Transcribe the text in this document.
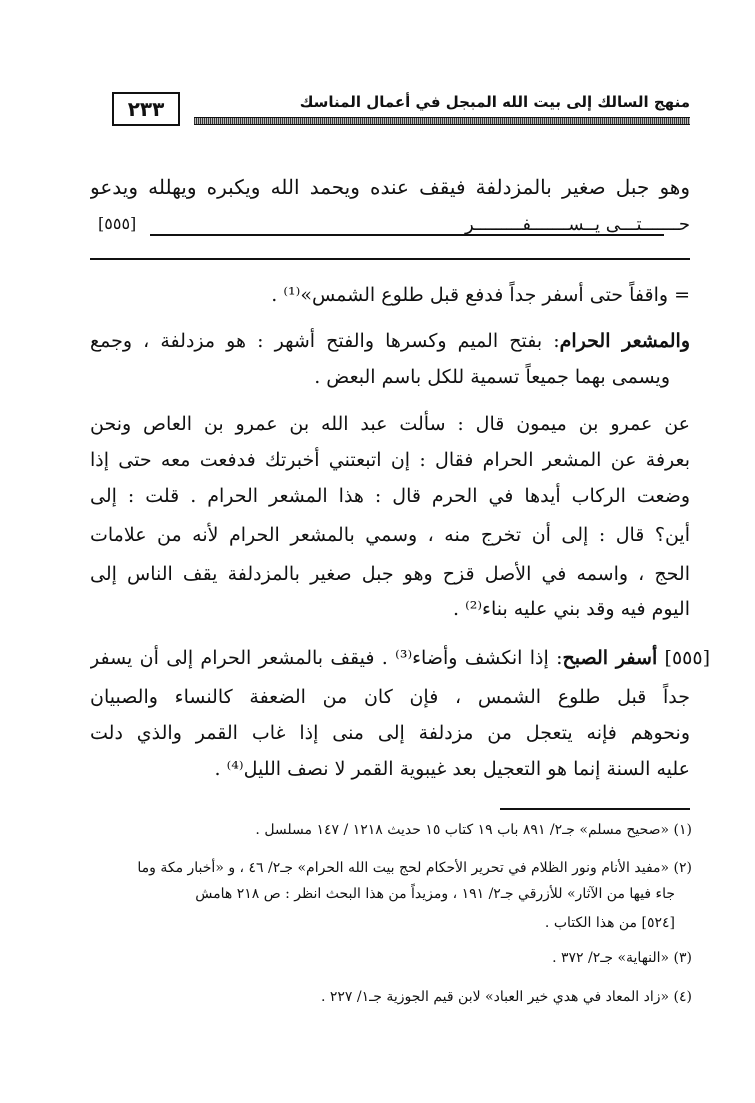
٢٣٣	منهج السالك إلى بيت الله المبجل في أعمال المناسك
وهو جبل صغير بالمزدلفة فيقف عنده ويحمد الله ويكبره ويهلله ويدعو
حـــــــتـــى يــســـــــفـــــــــر
[٥٥٥]
= واقفاً حتى أسفر جداً فدفع قبل طلوع الشمس»⁽¹⁾ .
والمشعر الحرام: بفتح الميم وكسرها والفتح أشهر : هو مزدلفة ، وجمع
ويسمى بهما جميعاً تسمية للكل باسم البعض .
عن عمرو بن ميمون قال : سألت عبد الله بن عمرو بن العاص ونحن
بعرفة عن المشعر الحرام فقال : إن اتبعتني أخبرتك فدفعت معه حتى إذا
وضعت الركاب أيدها في الحرم قال : هذا المشعر الحرام . قلت : إلى
أين؟ قال : إلى أن تخرج منه ، وسمي بالمشعر الحرام لأنه من علامات
الحج ، واسمه في الأصل قزح وهو جبل صغير بالمزدلفة يقف الناس إلى
اليوم فيه وقد بني عليه بناء⁽²⁾ .
[٥٥٥] أسفر الصبح: إذا انكشف وأضاء⁽³⁾ . فيقف بالمشعر الحرام إلى أن يسفر
جداً قبل طلوع الشمس ، فإن كان من الضعفة كالنساء والصبيان
ونحوهم فإنه يتعجل من مزدلفة إلى منى إذا غاب القمر والذي دلت
عليه السنة إنما هو التعجيل بعد غيبوية القمر لا نصف الليل⁽⁴⁾ .
(١) «صحيح مسلم» جـ٢/ ٨٩١ باب ١٩ كتاب ١٥ حديث ١٢١٨ / ١٤٧ مسلسل .
(٢) «مفيد الأنام ونور الظلام في تحرير الأحكام لحج بيت الله الحرام» جـ٢/ ٤٦ ، و «أخبار مكة وما
جاء فيها من الآثار» للأزرقي جـ٢/ ١٩١ ، ومزيداً من هذا البحث انظر : ص ٢١٨ هامش
[٥٢٤] من هذا الكتاب .
(٣) «النهاية» جـ٢/ ٣٧٢ .
(٤) «زاد المعاد في هدي خير العباد» لابن قيم الجوزية جـ١/ ٢٢٧ .
